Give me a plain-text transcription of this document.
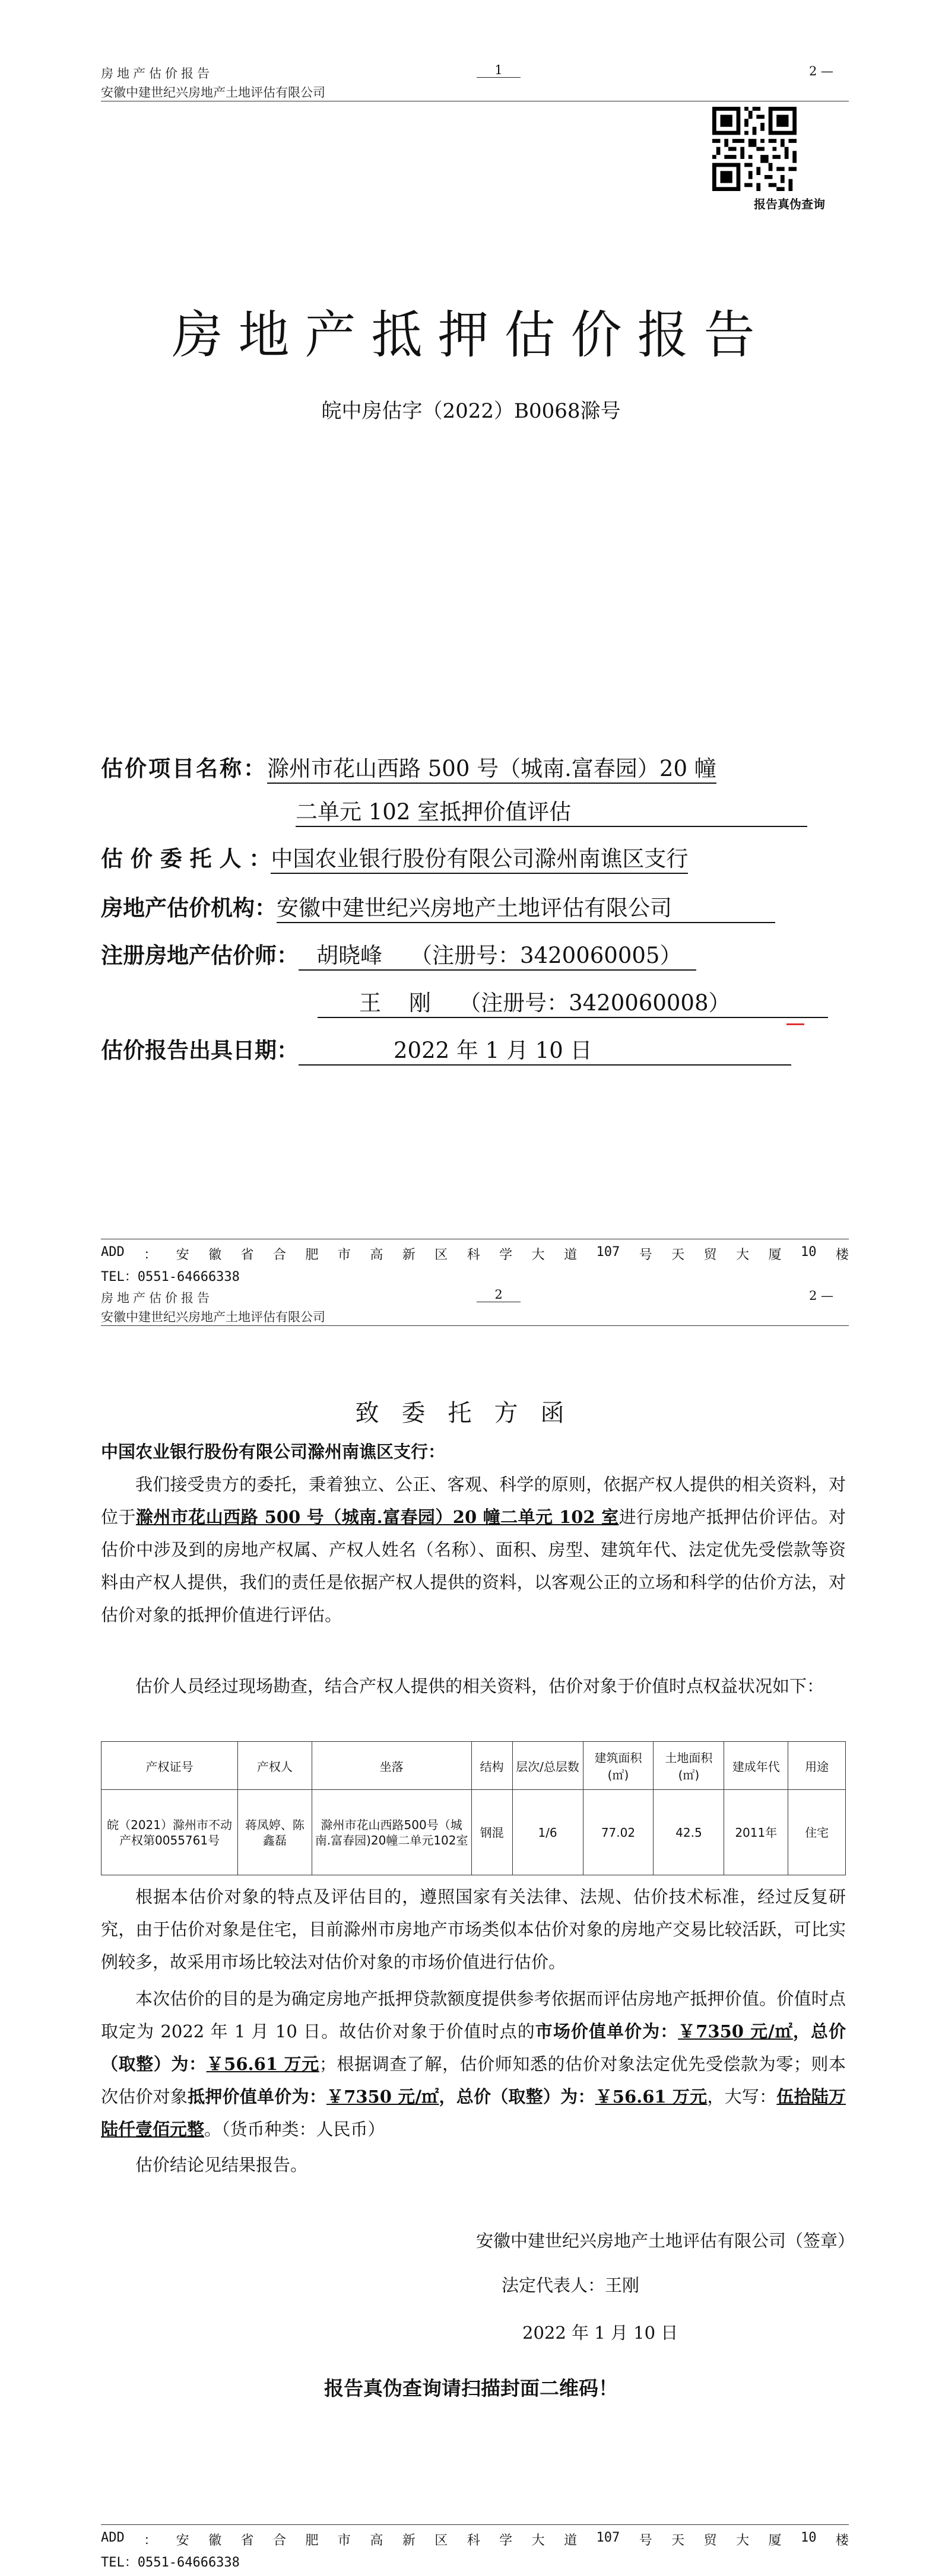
房地产估价报告
安徽中建世纪兴房地产土地评估有限公司
1	2 —
报告真伪查询
房地产抵押估价报告
皖中房估字（2022）B0068滁号
估价项目名称：滁州市花山西路 500 号（城南.富春园）20 幢
二单元 102 室抵押价值评估
估 价 委 托 人 ：中国农业银行股份有限公司滁州南谯区支行
房地产估价机构：安徽中建世纪兴房地产土地评估有限公司
注册房地产估价师： 胡晓峰    （注册号：3420060005）
王    刚    （注册号：3420060008）
估价报告出具日期：	2022 年 1 月 10 日
ADD ： 安 徽 省 合 肥 市 高 新 区 科 学 大 道 107 号 天 贸 大 厦 10 楼
TEL：0551-64666338
房地产估价报告
安徽中建世纪兴房地产土地评估有限公司
2	2 —
致委托方函
中国农业银行股份有限公司滁州南谯区支行：
我们接受贵方的委托，秉着独立、公正、客观、科学的原则，依据产权人提供的相关资料，对位于滁州市花山西路 500 号（城南.富春园）20 幢二单元 102 室进行房地产抵押估价评估。对估价中涉及到的房地产权属、产权人姓名（名称）、面积、房型、建筑年代、法定优先受偿款等资料由产权人提供，我们的责任是依据产权人提供的资料，以客观公正的立场和科学的估价方法，对估价对象的抵押价值进行评估。
估价人员经过现场勘查，结合产权人提供的相关资料，估价对象于价值时点权益状况如下：
产权证号	产权人	坐落	结构	层次/总层数	建筑面积(㎡)	土地面积(㎡)	建成年代	用途
皖（2021）滁州市不动产权第0055761号	蒋凤婷、陈鑫磊	滁州市花山西路500号（城南.富春园)20幢二单元102室	钢混	1/6	77.02	42.5	2011年	住宅
根据本估价对象的特点及评估目的，遵照国家有关法律、法规、估价技术标准，经过反复研究，由于估价对象是住宅，目前滁州市房地产市场类似本估价对象的房地产交易比较活跃，可比实例较多，故采用市场比较法对估价对象的市场价值进行估价。
本次估价的目的是为确定房地产抵押贷款额度提供参考依据而评估房地产抵押价值。价值时点取定为 2022 年 1 月 10 日。故估价对象于价值时点的市场价值单价为：￥7350 元/㎡，总价（取整）为：￥56.61 万元；根据调查了解，估价师知悉的估价对象法定优先受偿款为零；则本次估价对象抵押价值单价为：￥7350 元/㎡，总价（取整）为：￥56.61 万元，大写：伍拾陆万陆仟壹佰元整。（货币种类：人民币）
估价结论见结果报告。
安徽中建世纪兴房地产土地评估有限公司（签章）
法定代表人：王刚
2022 年 1 月 10 日
报告真伪查询请扫描封面二维码！
ADD ： 安 徽 省 合 肥 市 高 新 区 科 学 大 道 107 号 天 贸 大 厦 10 楼
TEL：0551-64666338
